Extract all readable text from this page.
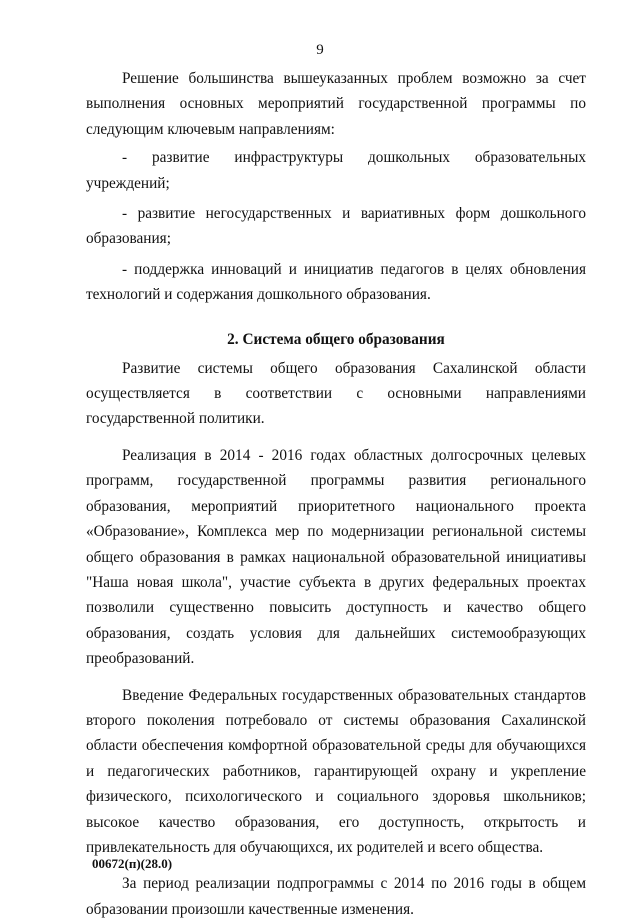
9

Решение большинства вышеуказанных проблем возможно за счет выполнения основных мероприятий государственной программы по следующим ключевым направлениям:

- развитие инфраструктуры дошкольных образовательных учреждений;

- развитие негосударственных и вариативных форм дошкольного образования;

- поддержка инноваций и инициатив педагогов в целях обновления технологий и содержания дошкольного образования.

2. Система общего образования

Развитие системы общего образования Сахалинской области осуществляется в соответствии с основными направлениями государственной политики.

Реализация в 2014 - 2016 годах областных долгосрочных целевых программ, государственной программы развития регионального образования, мероприятий приоритетного национального проекта «Образование», Комплекса мер по модернизации региональной системы общего образования в рамках национальной образовательной инициативы "Наша новая школа", участие субъекта в других федеральных проектах позволили существенно повысить доступность и качество общего образования, создать условия для дальнейших системообразующих преобразований.

Введение Федеральных государственных образовательных стандартов второго поколения потребовало от системы образования Сахалинской области обеспечения комфортной образовательной среды для обучающихся и педагогических работников, гарантирующей охрану и укрепление физического, психологического и социального здоровья школьников; высокое качество образования, его доступность, открытость и привлекательность для обучающихся, их родителей и всего общества.

За период реализации подпрограммы с 2014 по 2016 годы в общем образовании произошли качественные изменения.

00672(п)(28.0)
